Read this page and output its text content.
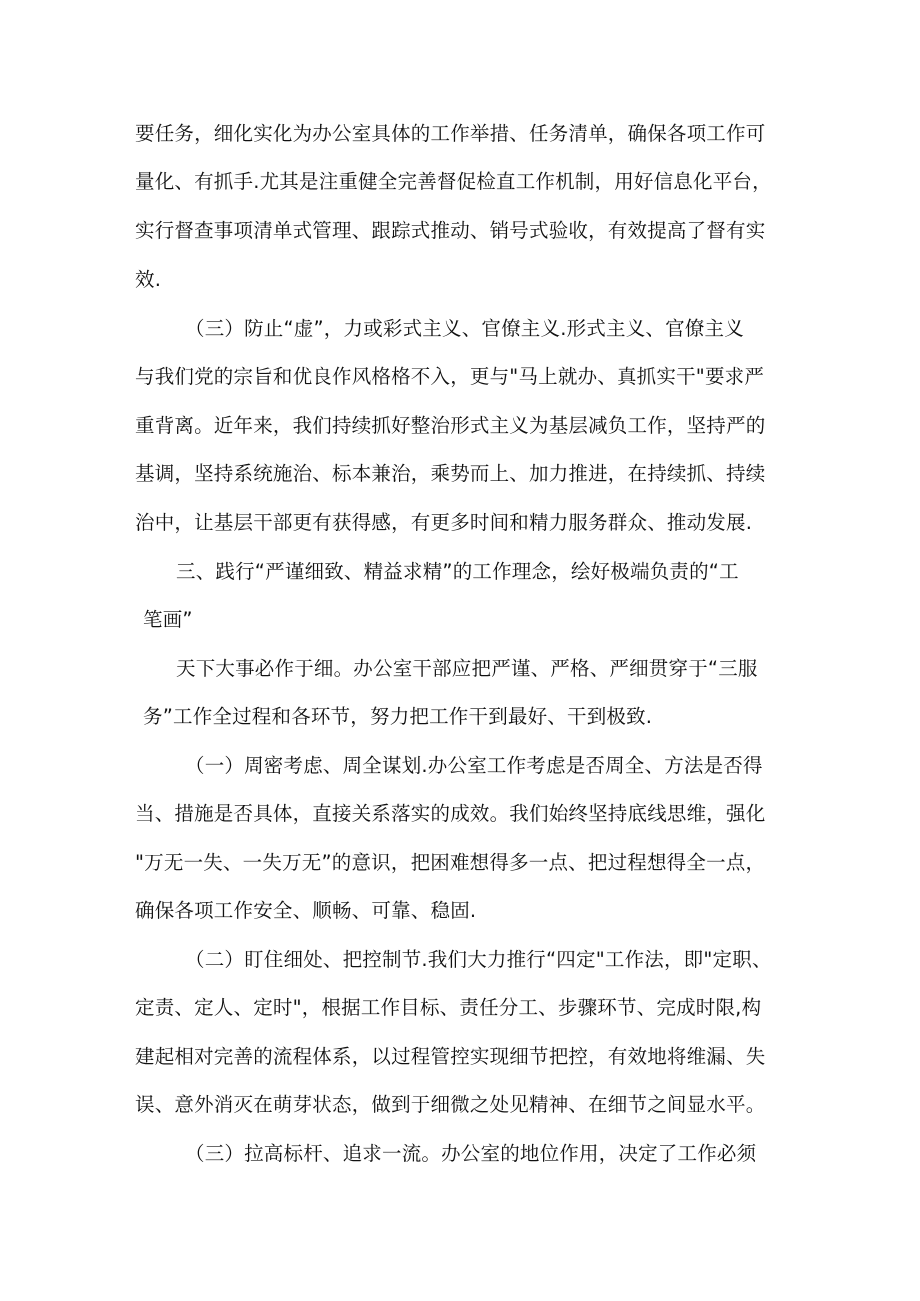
要任务，细化实化为办公室具体的工作举措、任务清单，确保各项工作可
量化、有抓手.尤其是注重健全完善督促检直工作机制，用好信息化平台，
实行督查事项清单式管理、跟踪式推动、销号式验收，有效提高了督有实
效.
（三）防止“虚”，力或彩式主义、官僚主义.形式主义、官僚主义
与我们党的宗旨和优良作风格格不入，更与"马上就办、真抓实干"要求严
重背离。近年来，我们持续抓好整治形式主义为基层减负工作，坚持严的
基调，坚持系统施治、标本兼治，乘势而上、加力推进，在持续抓、持续
治中，让基层干部更有获得感，有更多时间和精力服务群众、推动发展.
三、践行“严谨细致、精益求精”的工作理念，绘好极端负责的“工
笔画”
天下大事必作于细。办公室干部应把严谨、严格、严细贯穿于“三服
务”工作全过程和各环节，努力把工作干到最好、干到极致.
（一）周密考虑、周全谋划.办公室工作考虑是否周全、方法是否得
当、措施是否具体，直接关系落实的成效。我们始终坚持底线思维，强化
"万无一失、一失万无”的意识，把困难想得多一点、把过程想得全一点，
确保各项工作安全、顺畅、可靠、稳固.
（二）盯住细处、把控制节.我们大力推行“四定"工作法，即"定职、
定责、定人、定时"，根据工作目标、责任分工、步骤环节、完成时限,构
建起相对完善的流程体系，以过程管控实现细节把控，有效地将维漏、失
误、意外消灭在萌芽状态，做到于细微之处见精神、在细节之间显水平。
（三）拉高标杆、追求一流。办公室的地位作用，决定了工作必须
